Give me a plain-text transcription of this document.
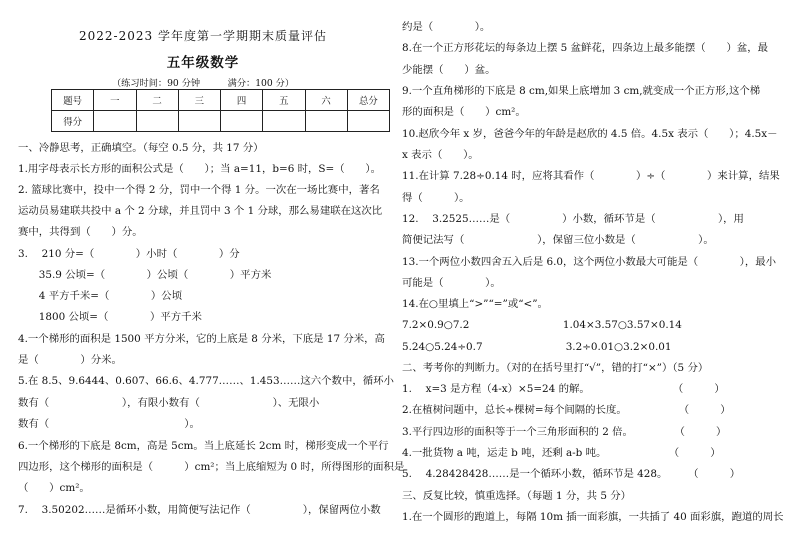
2022-2023 学年度第一学期期末质量评估
五年级数学
（练习时间：90 分钟　　　满分：100 分）
题号	一	二	三	四	五	六	总分
得分							
一、冷静思考，正确填空。（每空 0.5 分，共 17 分）
1.用字母表示长方形的面积公式是（　　）；当 a=11，b=6 时，S=（　　）。
2. 篮球比赛中，投中一个得 2 分，罚中一个得 1 分。一次在一场比赛中，著名
运动员易建联共投中 a 个 2 分球，并且罚中 3 个 1 分球，那么易建联在这次比
赛中，共得到（　　）分。
3.　 210 分=（　　　　）小时（　　　　）分
　　35.9 公顷=（　　　　）公顷（　　　　）平方米
　　4 平方千米=（　　　　）公顷
　　1800 公顷=（　　　　）平方千米
4.一个梯形的面积是 1500 平方分米，它的上底是 8 分米，下底是 17 分米，高
是（　　　　）分米。
5.在 8.5、9.6444、0.607、66.6、4.777……、1.453……这六个数中，循环小
数有（　　　　　　　），有限小数有（　　　　　　　）、无限小
数有（　　　　　　　　　　　　　）。
6.一个梯形的下底是 8cm，高是 5cm。当上底延长 2cm 时，梯形变成一个平行
四边形，这个梯形的面积是（　　　）cm²；当上底缩短为 0 时，所得图形的面积是
（　　）cm²。
7.　 3.50202……是循环小数，用简便写法记作（　　　　　），保留两位小数
约是（　　　　）。
8.在一个正方形花坛的每条边上摆 5 盆鲜花，四条边上最多能摆（　　）盆，最
少能摆（　　）盆。
9.一个直角梯形的下底是 8 cm,如果上底增加 3 cm,就变成一个正方形,这个梯
形的面积是（　　）cm²。
10.赵欣今年 x 岁，爸爸今年的年龄是赵欣的 4.5 倍。4.5x 表示（　　）；4.5x－
x 表示（　　）。
11.在计算 7.28÷0.14 时，应将其看作（　　　　）÷（　　　　）来计算，结果
得（　　　）。
12.　 3.2525……是（　　　　　）小数，循环节是（　　　　　　），用
简便记法写（　　　　　　　），保留三位小数是（　　　　　　）。
13.一个两位小数四舍五入后是 6.0，这个两位小数最大可能是（　　　　），最小
可能是（　　　　）。
14.在○里填上“>”“=”或“<”。
7.2×0.9○7.2　　　　　　　　　1.04×3.57○3.57×0.14
5.24○5.24÷0.7　　　　　　　　3.2÷0.01○3.2×0.01
二、考考你的判断力。（对的在括号里打“√”，错的打“×”）（5 分）
1.　 x=3 是方程（4-x）×5=24 的解。　　　　　　　　　（　　　）
2.在植树问题中，总长÷棵树=每个间隔的长度。　　　　　　（　　　）
3.平行四边形的面积等于一个三角形面积的 2 倍。　　　　　（　　　）
4.一批货物 a 吨，运走 b 吨，还剩 a-b 吨。　　　　　　　（　　　）
5.　 4.28428428……是一个循环小数，循环节是 428。　　　（　　　）
三、反复比较，慎重选择。（每题 1 分，共 5 分）
1.在一个圆形的跑道上，每隔 10m 插一面彩旗，一共插了 40 面彩旗，跑道的周长
